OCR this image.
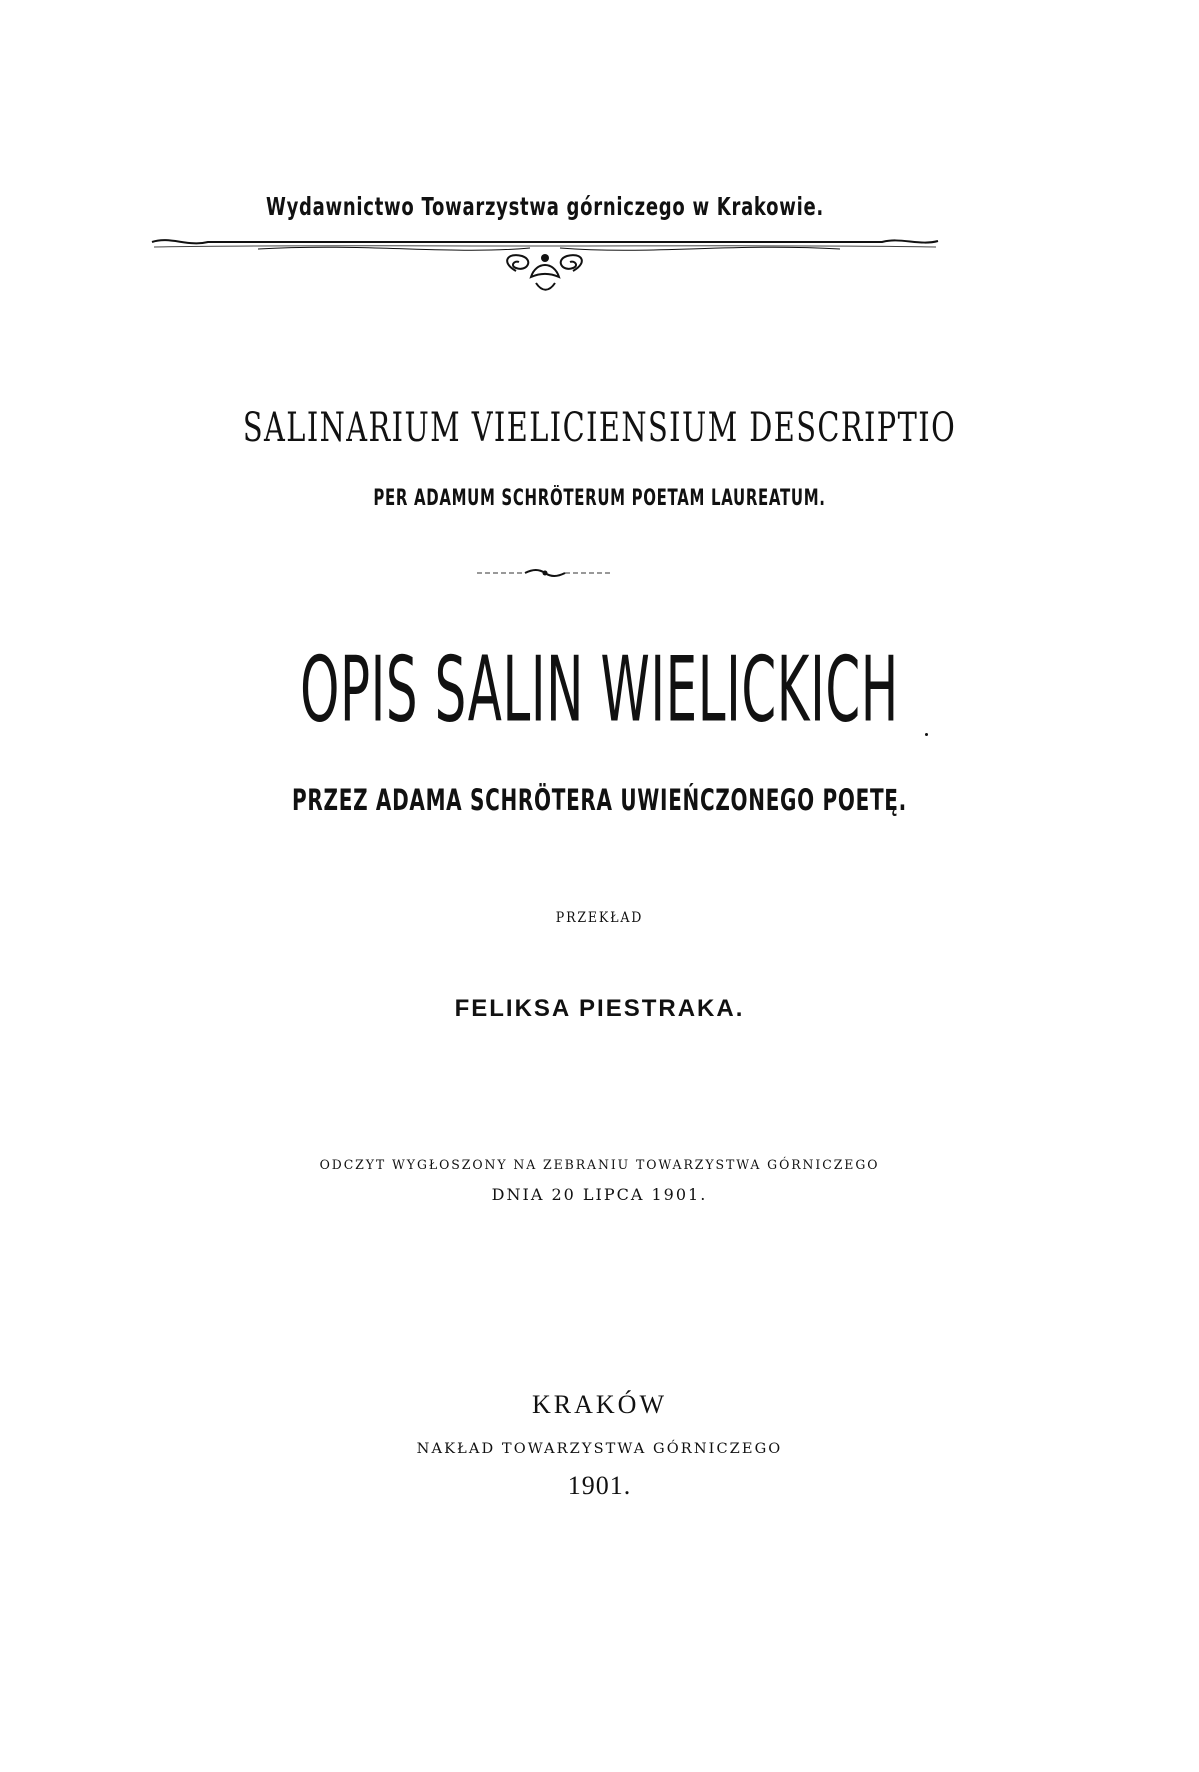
Wydawnictwo Towarzystwa górniczego w Krakowie.
SALINARIUM VIELICIENSIUM DESCRIPTIO
PER ADAMUM SCHRÖTERUM POETAM LAUREATUM.
OPIS SALIN WIELICKICH
PRZEZ ADAMA SCHRÖTERA UWIEŃCZONEGO POETĘ.
PRZEKŁAD
FELIKSA PIESTRAKA.
ODCZYT WYGŁOSZONY NA ZEBRANIU TOWARZYSTWA GÓRNICZEGO
DNIA 20 LIPCA 1901.
KRAKÓW
NAKŁAD TOWARZYSTWA GÓRNICZEGO
1901.
